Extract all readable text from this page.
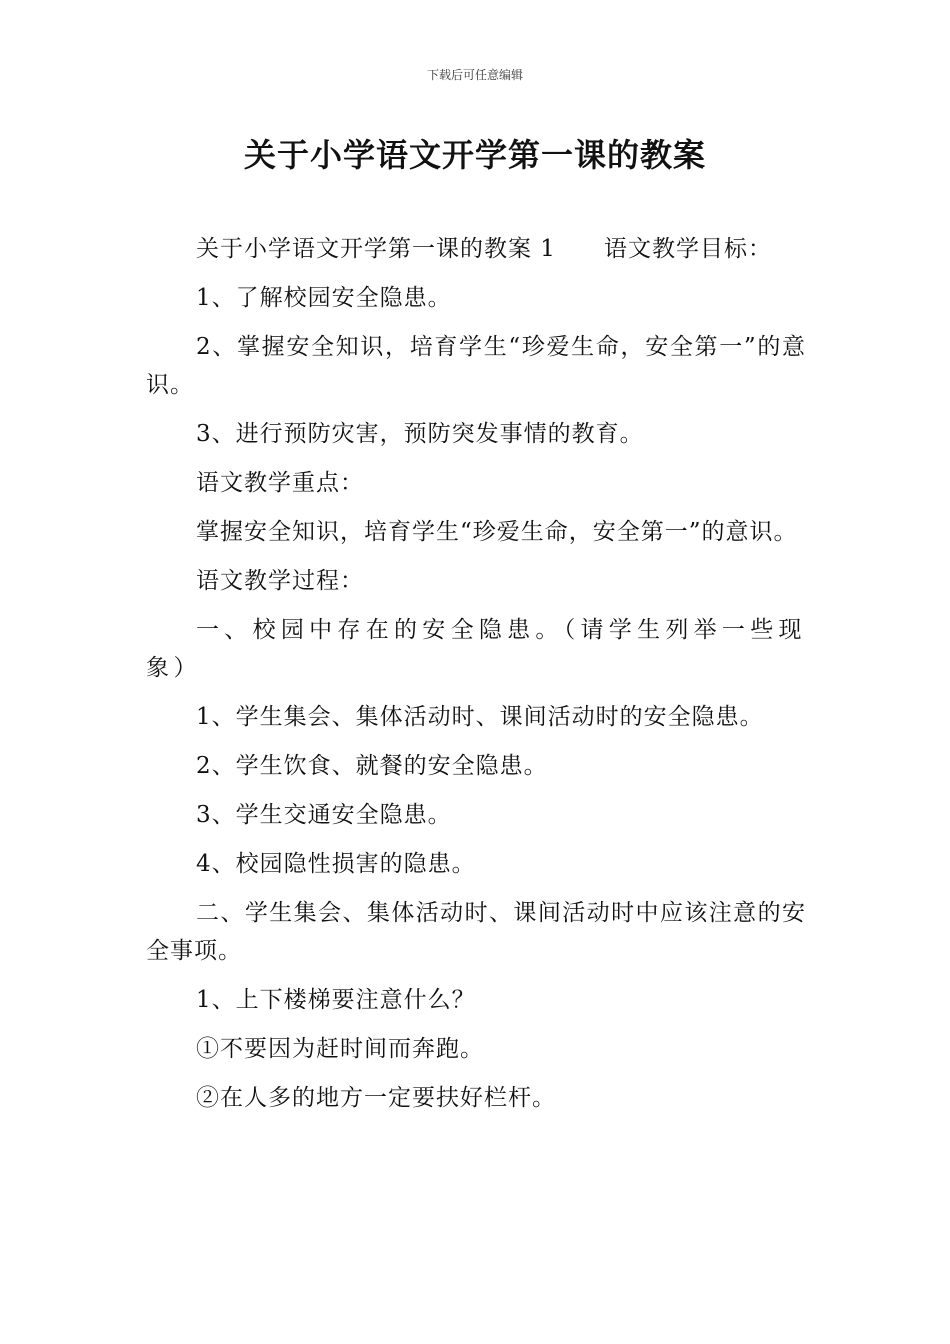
下载后可任意编辑
关于小学语文开学第一课的教案

关于小学语文开学第一课的教案 1 语文教学目标：

1、了解校园安全隐患。

2、掌握安全知识，培育学生“珍爱生命，安全第一”的意识。

3、进行预防灾害，预防突发事情的教育。

语文教学重点：

掌握安全知识，培育学生“珍爱生命，安全第一”的意识。

语文教学过程：

一、校园中存在的安全隐患。（请学生列举一些现象）

1、学生集会、集体活动时、课间活动时的安全隐患。

2、学生饮食、就餐的安全隐患。

3、学生交通安全隐患。

4、校园隐性损害的隐患。

二、学生集会、集体活动时、课间活动时中应该注意的安全事项。

1、上下楼梯要注意什么？

①不要因为赶时间而奔跑。

②在人多的地方一定要扶好栏杆。
